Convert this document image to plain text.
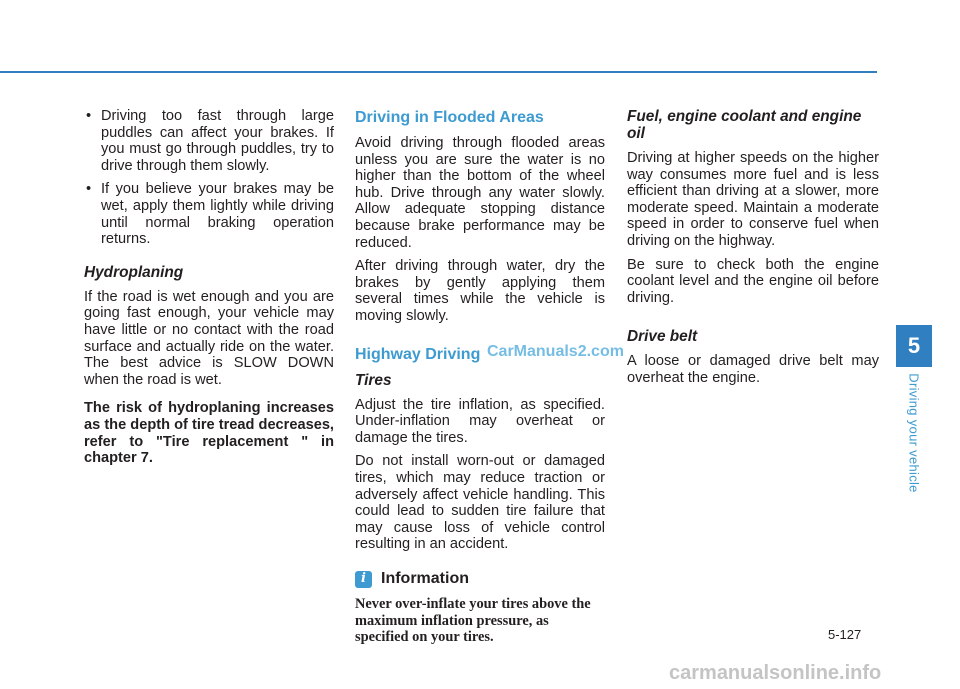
• Driving too fast through large puddles can affect your brakes. If you must go through puddles, try to drive through them slowly.
• If you believe your brakes may be wet, apply them lightly while driving until normal braking operation returns.
Hydroplaning

If the road is wet enough and you are going fast enough, your vehicle may have little or no contact with the road surface and actually ride on the water. The best advice is SLOW DOWN when the road is wet.

The risk of hydroplaning increases as the depth of tire tread decreases, refer to "Tire replacement " in chapter 7.

Driving in Flooded Areas

Avoid driving through flooded areas unless you are sure the water is no higher than the bottom of the wheel hub. Drive through any water slowly. Allow adequate stopping distance because brake performance may be reduced.

After driving through water, dry the brakes by gently applying them several times while the vehicle is moving slowly.

Highway Driving
Tires

Adjust the tire inflation, as specified. Under-inflation may overheat or damage the tires.

Do not install worn-out or damaged tires, which may reduce traction or adversely affect vehicle handling. This could lead to sudden tire failure that may cause loss of vehicle control resulting in an accident.

i Information

Never over-inflate your tires above the maximum inflation pressure, as specified on your tires.

Fuel, engine coolant and engine oil

Driving at higher speeds on the higher way consumes more fuel and is less efficient than driving at a slower, more moderate speed. Maintain a moderate speed in order to conserve fuel when driving on the highway.

Be sure to check both the engine coolant level and the engine oil before driving.

Drive belt

A loose or damaged drive belt may overheat the engine.

CarManuals2.com	5
Driving your vehicle
5-127
carmanualsonline.info
